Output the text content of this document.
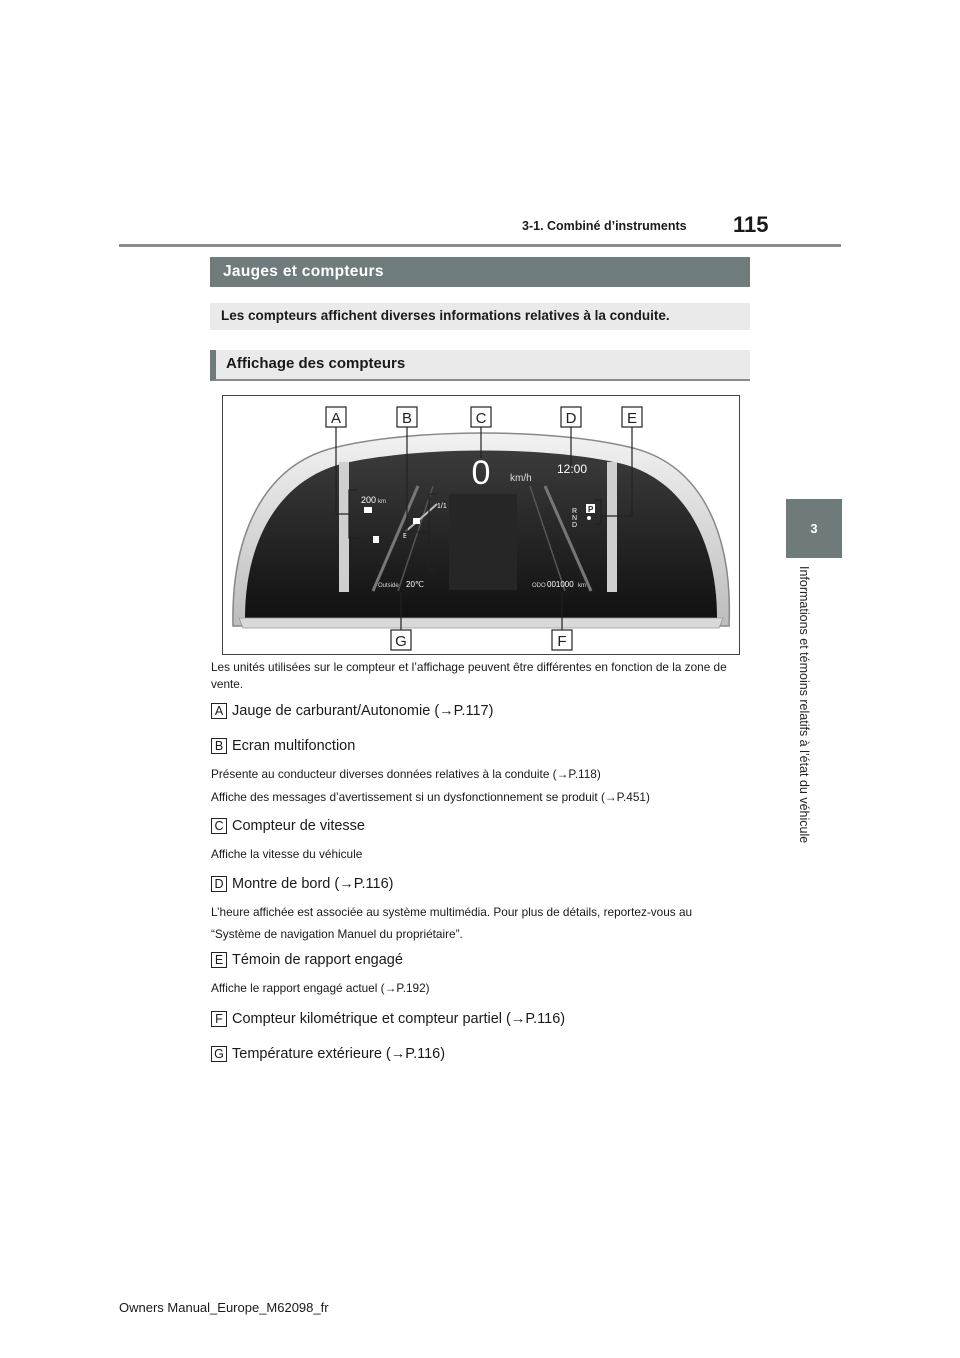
115
3-1. Combiné d’instruments
3
Informations et témoins relatifs à l’état du véhicule
Jauges et compteurs
Les compteurs affichent diverses informations relatives à la conduite.
Affichage des compteurs
0 km/h
12:00
200 km
1/1
E
R
N
D
P
Outside 20℃	ODO 001000 km
A	B	C	D	E
F
G
Les unités utilisées sur le compteur et l’affichage peuvent être différentes en fonction de la zone de vente.
A Jauge de carburant/Autonomie (→P.117)
B Ecran multifonction
Présente au conducteur diverses données relatives à la conduite (→P.118)
Affiche des messages d’avertissement si un dysfonctionnement se produit (→P.451)
C Compteur de vitesse
Affiche la vitesse du véhicule
D Montre de bord (→P.116)
L’heure affichée est associée au système multimédia. Pour plus de détails, reportez-vous au
“Système de navigation Manuel du propriétaire”.
E Témoin de rapport engagé
Affiche le rapport engagé actuel (→P.192)
F Compteur kilométrique et compteur partiel (→P.116)
G Température extérieure (→P.116)
Owners Manual_Europe_M62098_fr
